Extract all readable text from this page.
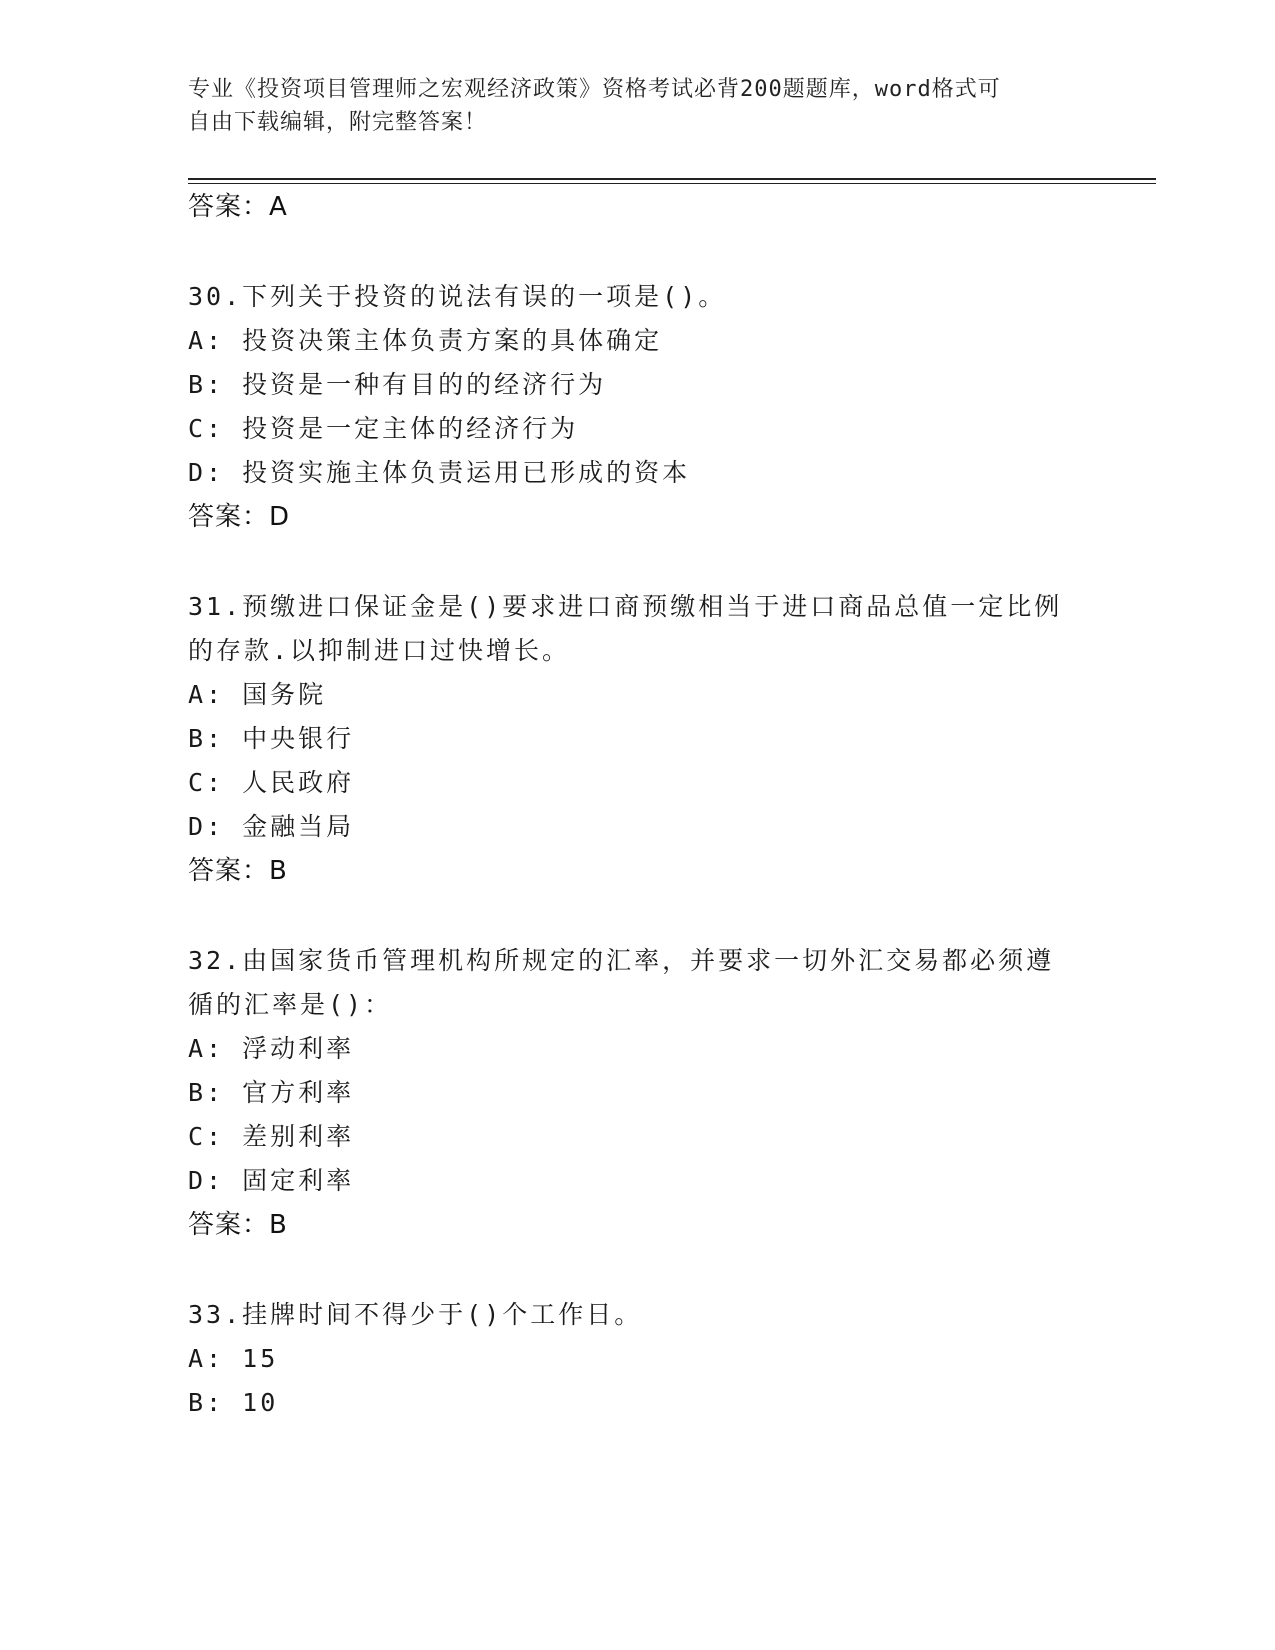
专业《投资项目管理师之宏观经济政策》资格考试必背200题题库，word格式可
自由下载编辑，附完整答案！
答案：A
30.下列关于投资的说法有误的一项是()。
A: 投资决策主体负责方案的具体确定
B: 投资是一种有目的的经济行为
C: 投资是一定主体的经济行为
D: 投资实施主体负责运用已形成的资本
答案：D
31.预缴进口保证金是()要求进口商预缴相当于进口商品总值一定比例
的存款.以抑制进口过快增长。
A: 国务院
B: 中央银行
C: 人民政府
D: 金融当局
答案：B
32.由国家货币管理机构所规定的汇率，并要求一切外汇交易都必须遵
循的汇率是()：
A: 浮动利率
B: 官方利率
C: 差别利率
D: 固定利率
答案：B
33.挂牌时间不得少于()个工作日。
A: 15
B: 10
